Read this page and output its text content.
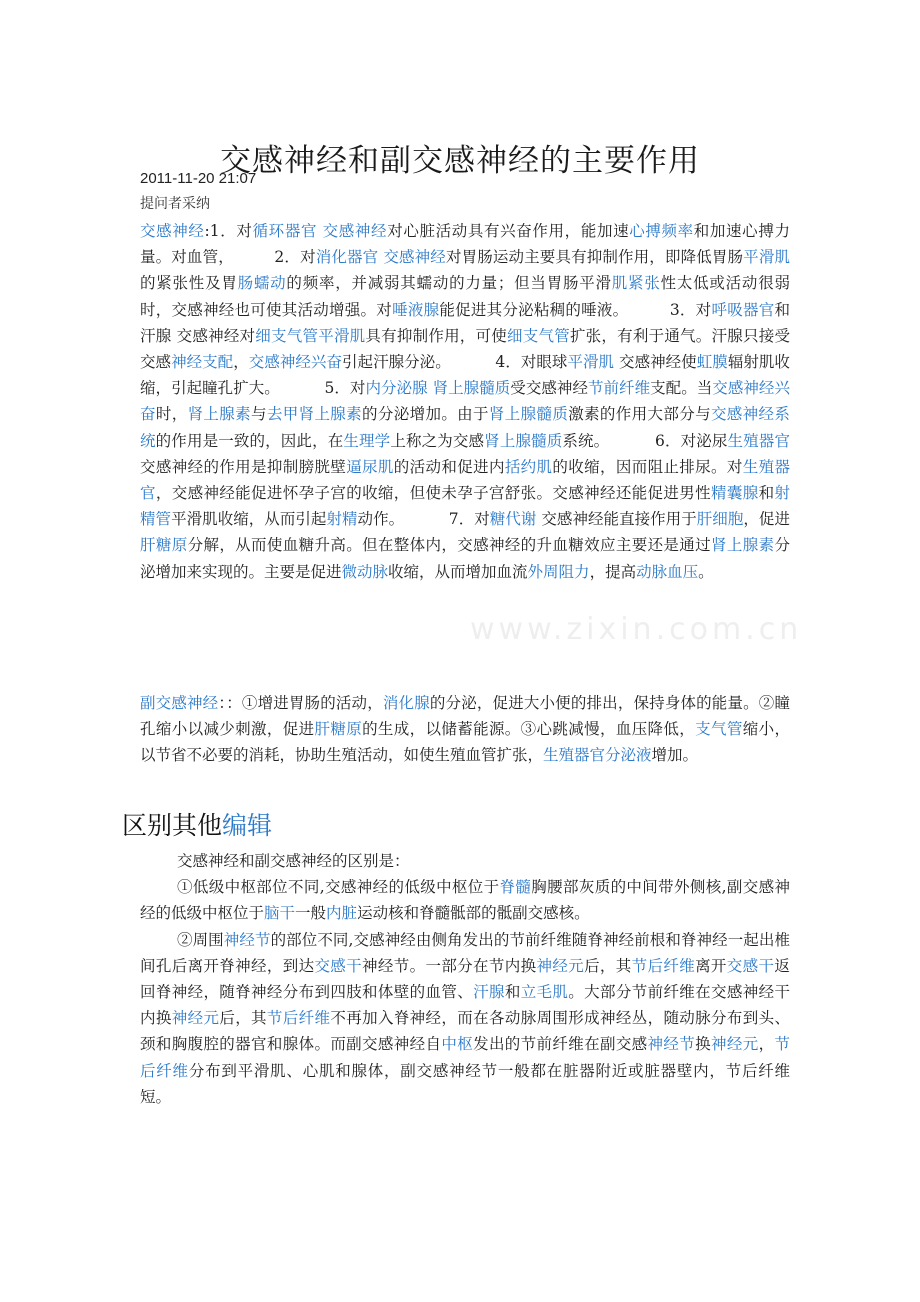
交感神经和副交感神经的主要作用
2011-11-20 21:07
提问者采纳
交感神经:1．对循环器官 交感神经对心脏活动具有兴奋作用，能加速心搏频率和加速心搏力量。对血管，        2．对消化器官 交感神经对胃肠运动主要具有抑制作用，即降低胃肠平滑肌的紧张性及胃肠蠕动的频率，并减弱其蠕动的力量；但当胃肠平滑肌紧张性太低或活动很弱时，交感神经也可使其活动增强。对唾液腺能促进其分泌粘稠的唾液。        3．对呼吸器官和汗腺 交感神经对细支气管平滑肌具有抑制作用，可使细支气管扩张，有利于通气。汗腺只接受交感神经支配，交感神经兴奋引起汗腺分泌。         4．对眼球平滑肌 交感神经使虹膜辐射肌收缩，引起瞳孔扩大。         5．对内分泌腺 肾上腺髓质受交感神经节前纤维支配。当交感神经兴奋时，肾上腺素与去甲肾上腺素的分泌增加。由于肾上腺髓质激素的作用大部分与交感神经系统的作用是一致的，因此，在生理学上称之为交感肾上腺髓质系统。         6．对泌尿生殖器官 交感神经的作用是抑制膀胱壁逼尿肌的活动和促进内括约肌的收缩，因而阻止排尿。对生殖器官，交感神经能促进怀孕子宫的收缩，但使未孕子宫舒张。交感神经还能促进男性精囊腺和射精管平滑肌收缩，从而引起射精动作。         7．对糖代谢 交感神经能直接作用于肝细胞，促进肝糖原分解，从而使血糖升高。但在整体内，交感神经的升血糖效应主要还是通过肾上腺素分泌增加来实现的。主要是促进微动脉收缩，从而增加血流外周阻力，提高动脉血压。
副交感神经：：①增进胃肠的活动，消化腺的分泌，促进大小便的排出，保持身体的能量。②瞳孔缩小以减少刺激，促进肝糖原的生成，以储蓄能源。③心跳减慢，血压降低，支气管缩小，以节省不必要的消耗，协助生殖活动，如使生殖血管扩张，生殖器官分泌液增加。
区别其他编辑

交感神经和副交感神经的区别是：

①低级中枢部位不同,交感神经的低级中枢位于脊髓胸腰部灰质的中间带外侧核,副交感神经的低级中枢位于脑干一般内脏运动核和脊髓骶部的骶副交感核。

②周围神经节的部位不同,交感神经由侧角发出的节前纤维随脊神经前根和脊神经一起出椎间孔后离开脊神经，到达交感干神经节。一部分在节内换神经元后，其节后纤维离开交感干返回脊神经，随脊神经分布到四肢和体壁的血管、汗腺和立毛肌。大部分节前纤维在交感神经干内换神经元后，其节后纤维不再加入脊神经，而在各动脉周围形成神经丛，随动脉分布到头、颈和胸腹腔的器官和腺体。而副交感神经自中枢发出的节前纤维在副交感神经节换神经元，节后纤维分布到平滑肌、心肌和腺体，副交感神经节一般都在脏器附近或脏器壁内，节后纤维短。

www.zixin.com.cn
